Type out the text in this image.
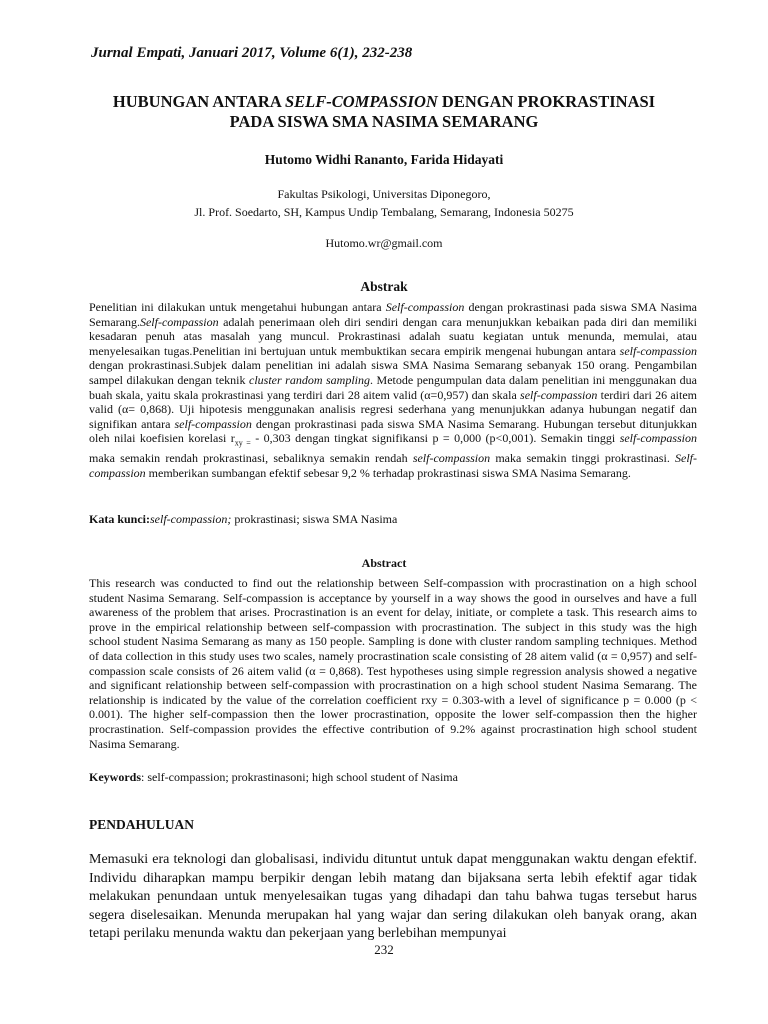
Jurnal Empati, Januari 2017, Volume 6(1), 232-238
HUBUNGAN ANTARA SELF-COMPASSION DENGAN PROKRASTINASI
PADA SISWA SMA NASIMA SEMARANG
Hutomo Widhi Rananto, Farida Hidayati
Fakultas Psikologi, Universitas Diponegoro,
Jl. Prof. Soedarto, SH, Kampus Undip Tembalang, Semarang, Indonesia 50275
Hutomo.wr@gmail.com
Abstrak
Penelitian ini dilakukan untuk mengetahui hubungan antara Self-compassion dengan prokrastinasi pada siswa SMA Nasima Semarang.Self-compassion adalah penerimaan oleh diri sendiri dengan cara menunjukkan kebaikan pada diri dan memiliki kesadaran penuh atas masalah yang muncul. Prokrastinasi adalah suatu kegiatan untuk menunda, memulai, atau menyelesaikan tugas.Penelitian ini bertujuan untuk membuktikan secara empirik mengenai hubungan antara self-compassion dengan prokrastinasi.Subjek dalam penelitian ini adalah siswa SMA Nasima Semarang sebanyak 150 orang. Pengambilan sampel dilakukan dengan teknik cluster random sampling. Metode pengumpulan data dalam penelitian ini menggunakan dua buah skala, yaitu skala prokrastinasi yang terdiri dari 28 aitem valid (α=0,957) dan skala self-compassion terdiri dari 26 aitem valid (α= 0,868). Uji hipotesis menggunakan analisis regresi sederhana yang menunjukkan adanya hubungan negatif dan signifikan antara self-compassion dengan prokrastinasi pada siswa SMA Nasima Semarang. Hubungan tersebut ditunjukkan oleh nilai koefisien korelasi $r_{xy =} - 0,303$ dengan tingkat signifikansi p = 0,000 (p<0,001). Semakin tinggi self-compassion maka semakin rendah prokrastinasi, sebaliknya semakin rendah self-compassion maka semakin tinggi prokrastinasi. Self-compassion memberikan sumbangan efektif sebesar 9,2 % terhadap prokrastinasi siswa SMA Nasima Semarang.
Kata kunci:self-compassion; prokrastinasi; siswa SMA Nasima
Abstract
This research was conducted to find out the relationship between Self-compassion with procrastination on a high school student Nasima Semarang. Self-compassion is acceptance by yourself in a way shows the good in ourselves and have a full awareness of the problem that arises. Procrastination is an event for delay, initiate, or complete a task. This research aims to prove in the empirical relationship between self-compassion with procrastination. The subject in this study was the high school student Nasima Semarang as many as 150 people. Sampling is done with cluster random sampling techniques. Method of data collection in this study uses two scales, namely procrastination scale consisting of 28 aitem valid (α = 0,957) and self-compassion scale consists of 26 aitem valid (α = 0,868). Test hypotheses using simple regression analysis showed a negative and significant relationship between self-compassion with procrastination on a high school student Nasima Semarang. The relationship is indicated by the value of the correlation coefficient rxy = 0.303-with a level of significance p = 0.000 (p < 0.001). The higher self-compassion then the lower procrastination, opposite the lower self-compassion then the higher procrastination. Self-compassion provides the effective contribution of 9.2% against procrastination high school student Nasima Semarang.
Keywords: self-compassion; prokrastinasoni; high school student of Nasima
PENDAHULUAN
Memasuki era teknologi dan globalisasi, individu dituntut untuk dapat menggunakan waktu dengan efektif. Individu diharapkan mampu berpikir dengan lebih matang dan bijaksana serta lebih efektif agar tidak melakukan penundaan untuk menyelesaikan tugas yang dihadapi dan tahu bahwa tugas tersebut harus segera diselesaikan. Menunda merupakan hal yang wajar dan sering dilakukan oleh banyak orang, akan tetapi perilaku menunda waktu dan pekerjaan yang berlebihan mempunyai
232
